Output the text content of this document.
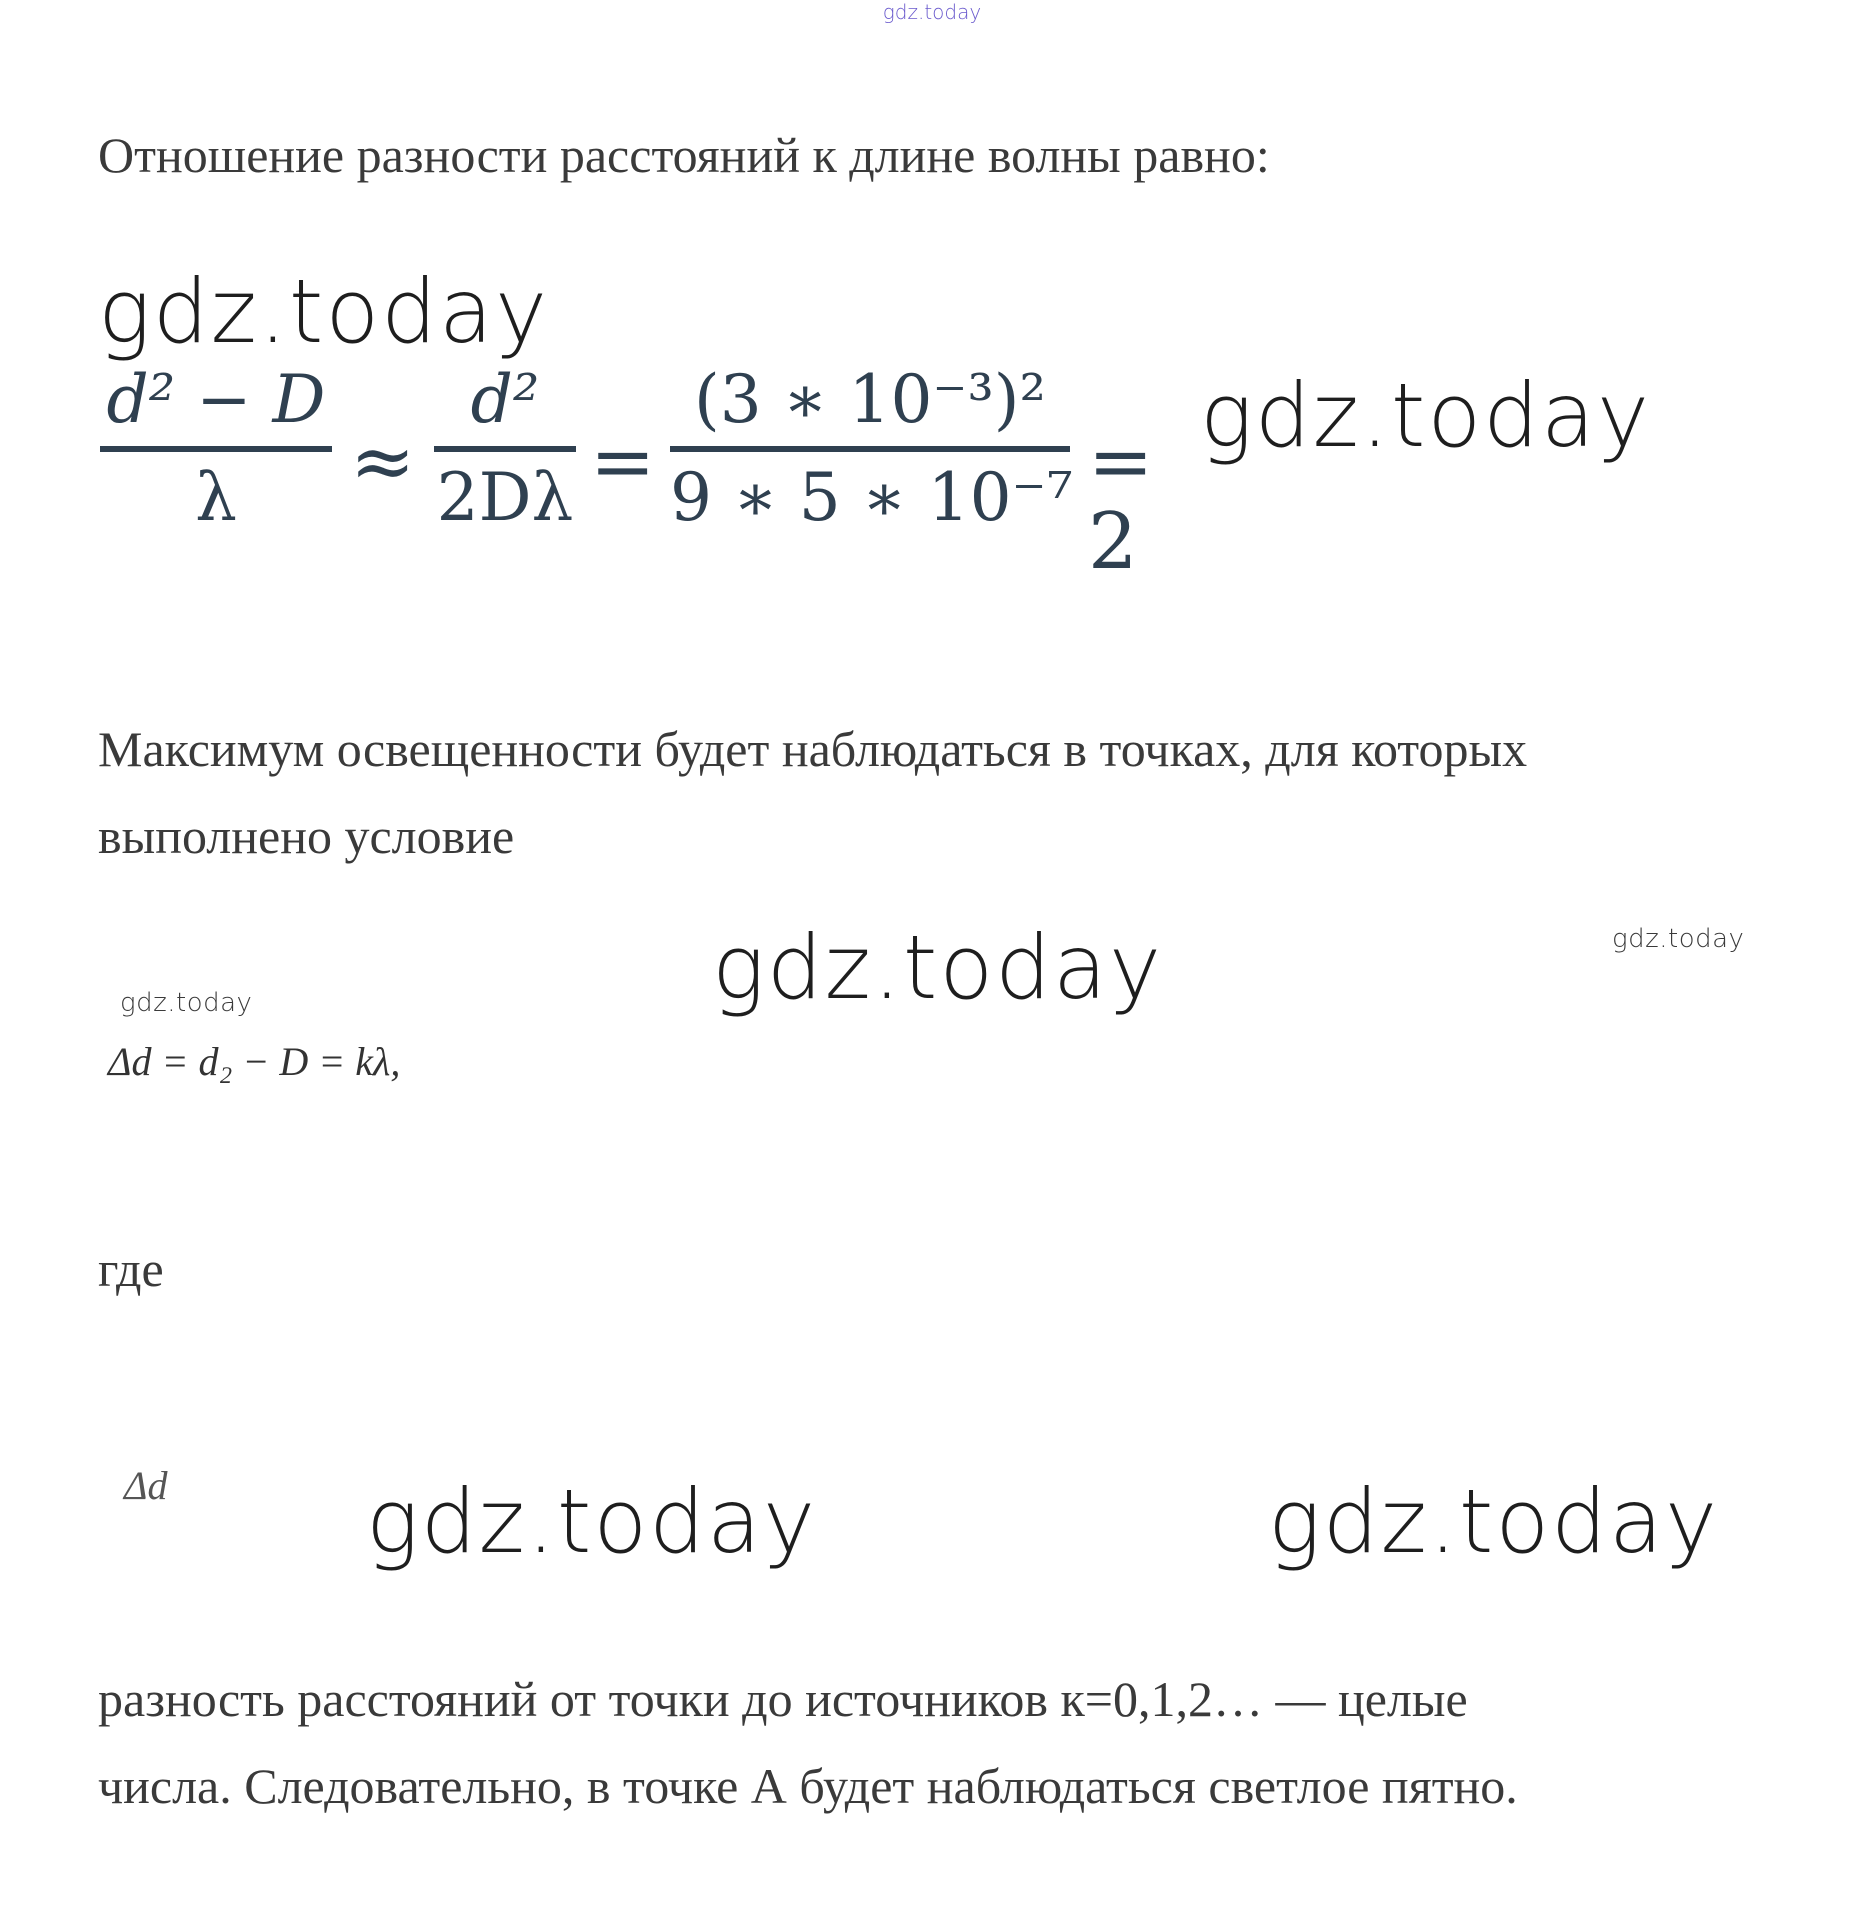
gdz.today
Отношение разности расстояний к длине волны равно:
gdz.today
d² − D
λ	≈
d²
2Dλ =
(3 ∗ 10⁻³)²
9 ∗ 5 ∗ 10⁻⁷ = 2
gdz.today
Максимум освещенности будет наблюдаться в точках, для которых
выполнено условие
gdz.today
gdz.today
gdz.today
Δd = d₂ − D = kλ,
где
Δd gdz.today	gdz.today
разность расстояний от точки до источников к=0,1,2… — целые
числа. Следовательно, в точке А будет наблюдаться светлое пятно.
